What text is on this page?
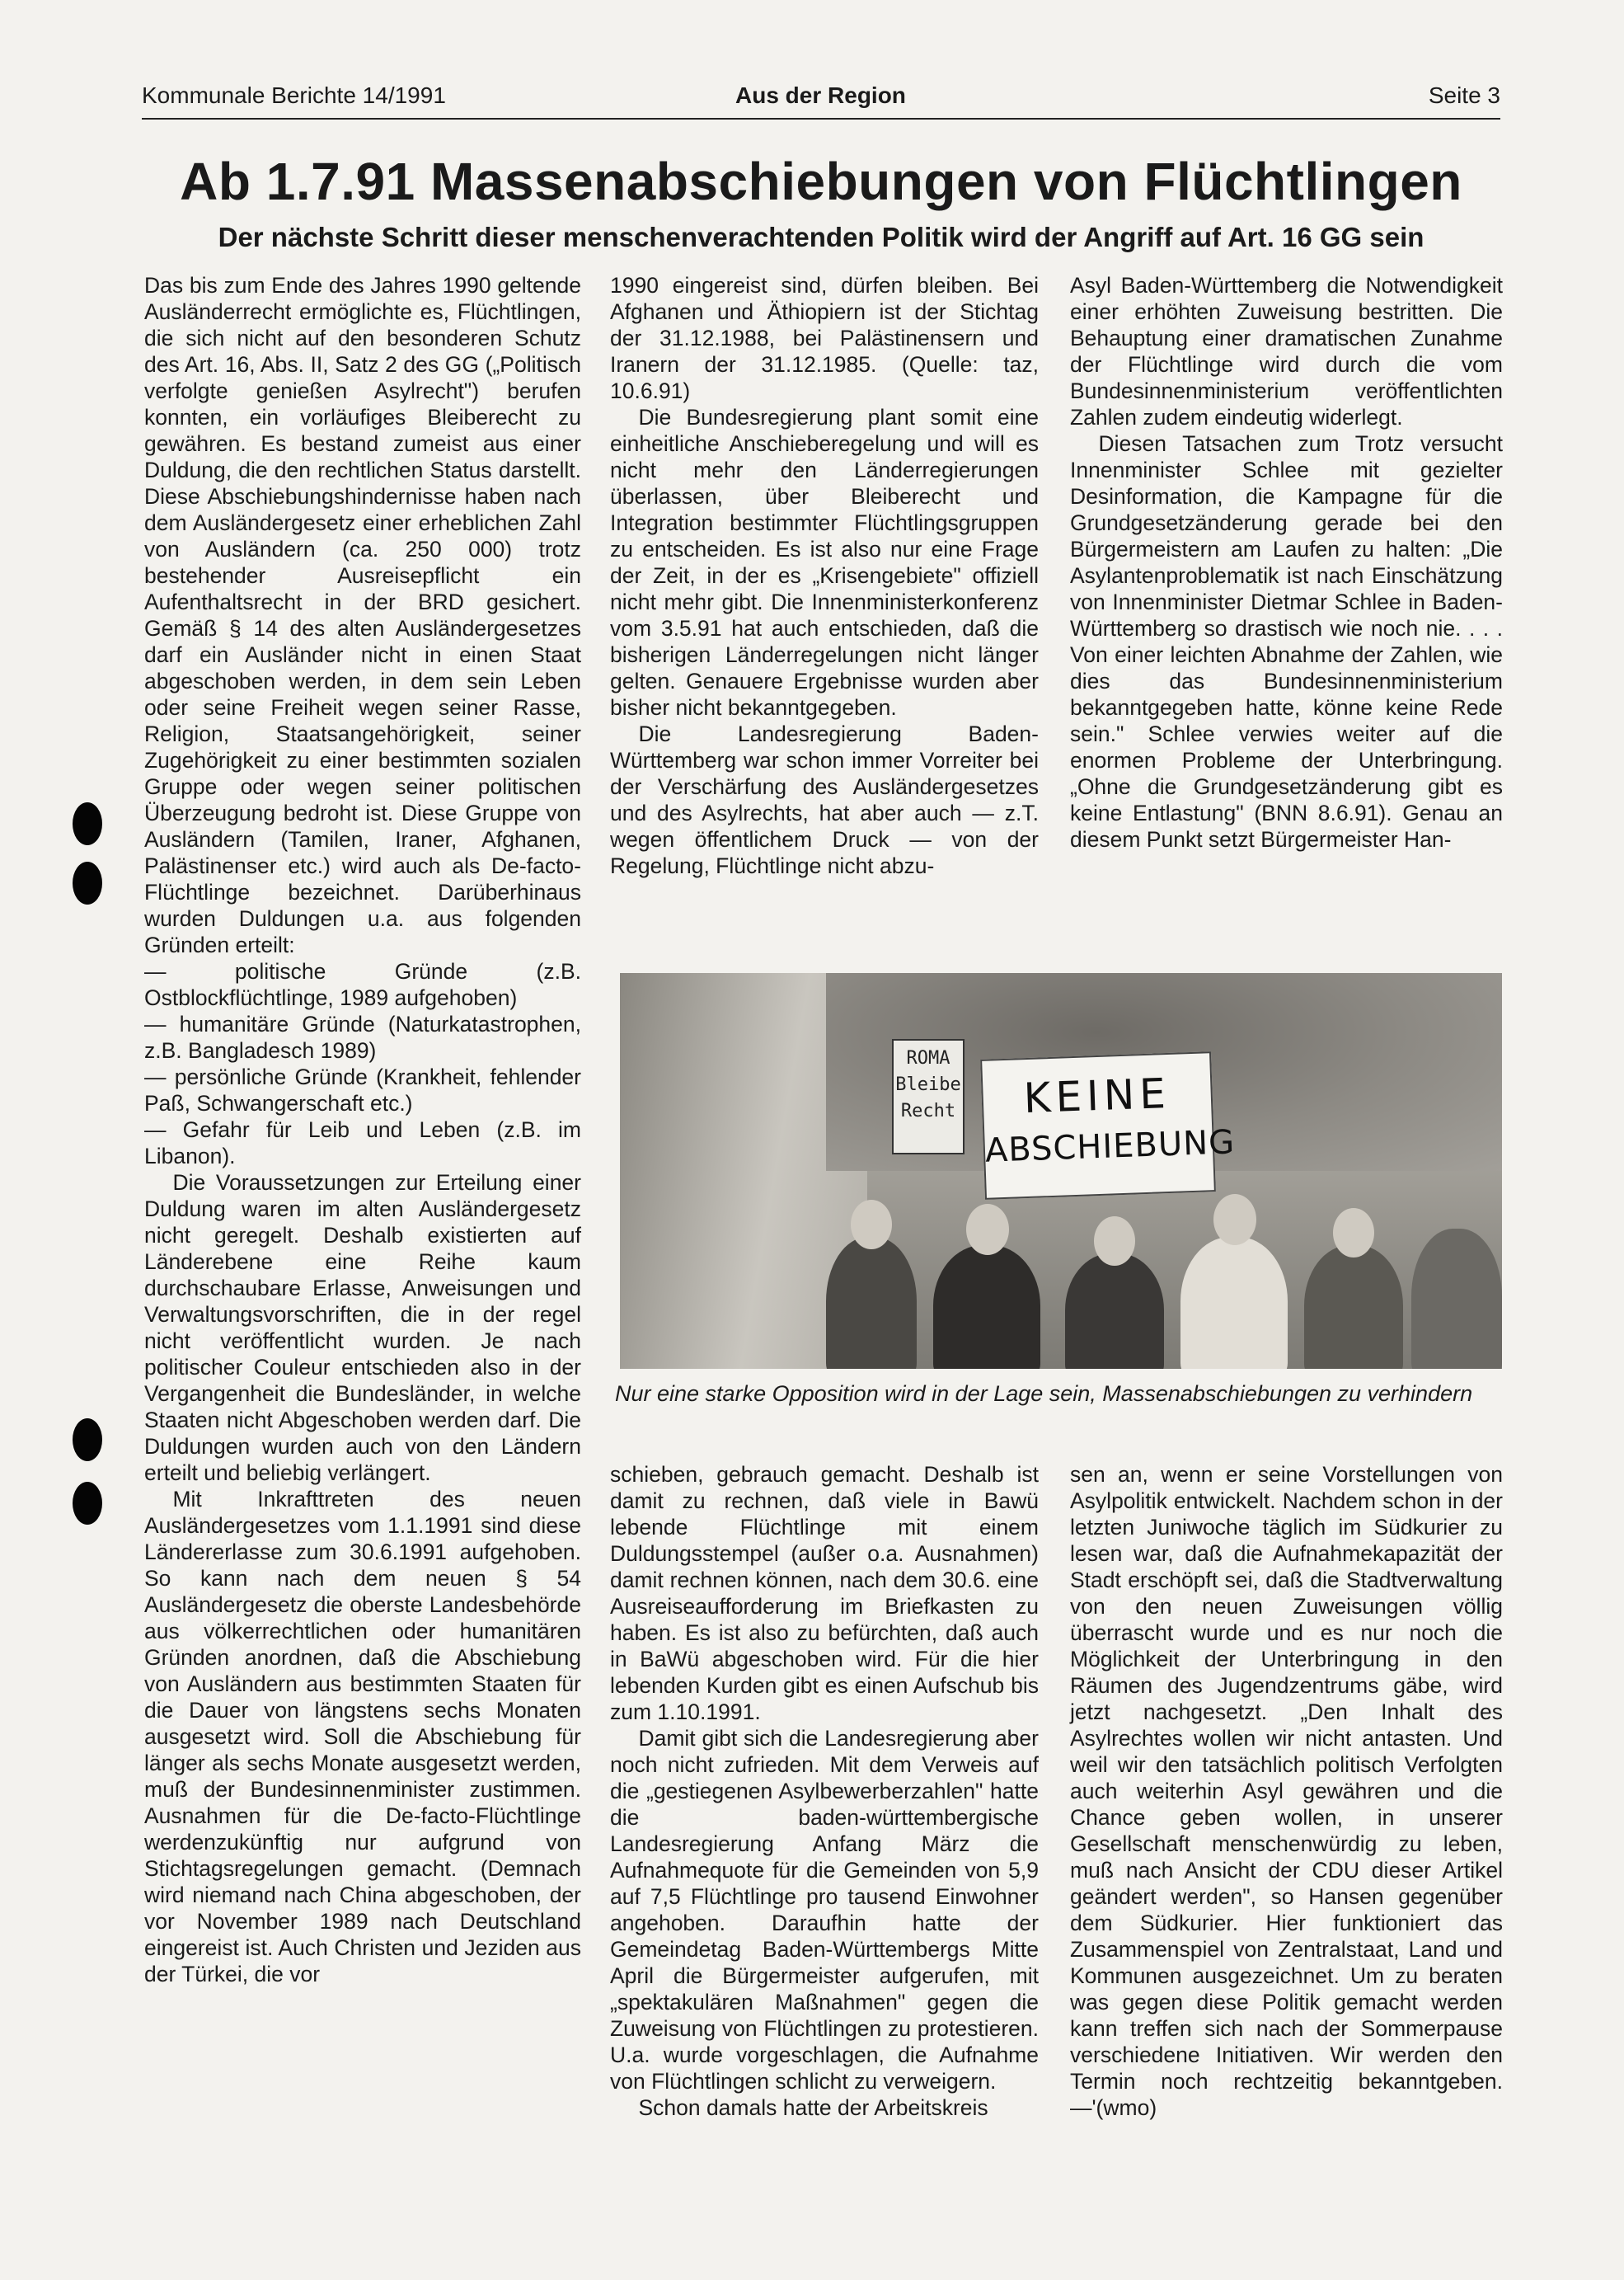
Kommunale Berichte 14/1991	Aus der Region	Seite 3
Ab 1.7.91 Massenabschiebungen von Flüchtlingen
Der nächste Schritt dieser menschenverachtenden Politik wird der Angriff auf Art. 16 GG sein

Das bis zum Ende des Jahres 1990 geltende Ausländerrecht ermöglichte es, Flüchtlingen, die sich nicht auf den besonderen Schutz des Art. 16, Abs. II, Satz 2 des GG („Politisch verfolgte genießen Asylrecht") berufen konnten, ein vorläufiges Bleiberecht zu gewähren. Es bestand zumeist aus einer Duldung, die den rechtlichen Status darstellt. Diese Abschiebungshindernisse haben nach dem Ausländergesetz einer erheblichen Zahl von Ausländern (ca. 250 000) trotz bestehender Ausreisepflicht ein Aufenthaltsrecht in der BRD gesichert. Gemäß § 14 des alten Ausländergesetzes darf ein Ausländer nicht in einen Staat abgeschoben werden, in dem sein Leben oder seine Freiheit wegen seiner Rasse, Religion, Staatsangehörigkeit, seiner Zugehörigkeit zu einer bestimmten sozialen Gruppe oder wegen seiner politischen Überzeugung bedroht ist. Diese Gruppe von Ausländern (Tamilen, Iraner, Afghanen, Palästinenser etc.) wird auch als De-facto-Flüchtlinge bezeichnet. Darüberhinaus wurden Duldungen u.a. aus folgenden Gründen erteilt:

— politische Gründe (z.B. Ostblockflüchtlinge, 1989 aufgehoben)

— humanitäre Gründe (Naturkatastrophen, z.B. Bangladesch 1989)

— persönliche Gründe (Krankheit, fehlender Paß, Schwangerschaft etc.)

— Gefahr für Leib und Leben (z.B. im Libanon).

Die Voraussetzungen zur Erteilung einer Duldung waren im alten Ausländergesetz nicht geregelt. Deshalb existierten auf Länderebene eine Reihe kaum durchschaubare Erlasse, Anweisungen und Verwaltungsvorschriften, die in der regel nicht veröffentlicht wurden. Je nach politischer Couleur entschieden also in der Vergangenheit die Bundesländer, in welche Staaten nicht Abgeschoben werden darf. Die Duldungen wurden auch von den Ländern erteilt und beliebig verlängert.

Mit Inkrafttreten des neuen Ausländergesetzes vom 1.1.1991 sind diese Ländererlasse zum 30.6.1991 aufgehoben. So kann nach dem neuen § 54 Ausländergesetz die oberste Landesbehörde aus völkerrechtlichen oder humanitären Gründen anordnen, daß die Abschiebung von Ausländern aus bestimmten Staaten für die Dauer von längstens sechs Monaten ausgesetzt wird. Soll die Abschiebung für länger als sechs Monate ausgesetzt werden, muß der Bundesinnenminister zustimmen. Ausnahmen für die De-facto-Flüchtlinge werdenzukünftig nur aufgrund von Stichtagsregelungen gemacht. (Demnach wird niemand nach China abgeschoben, der vor November 1989 nach Deutschland eingereist ist. Auch Christen und Jeziden aus der Türkei, die vor

1990 eingereist sind, dürfen bleiben. Bei Afghanen und Äthiopiern ist der Stichtag der 31.12.1988, bei Palästinensern und Iranern der 31.12.1985. (Quelle: taz, 10.6.91)

Die Bundesregierung plant somit eine einheitliche Anschieberegelung und will es nicht mehr den Länderregierungen überlassen, über Bleiberecht und Integration bestimmter Flüchtlingsgruppen zu entscheiden. Es ist also nur eine Frage der Zeit, in der es „Krisengebiete" offiziell nicht mehr gibt. Die Innenministerkonferenz vom 3.5.91 hat auch entschieden, daß die bisherigen Länderregelungen nicht länger gelten. Genauere Ergebnisse wurden aber bisher nicht bekanntgegeben.

Die Landesregierung Baden-Württemberg war schon immer Vorreiter bei der Verschärfung des Ausländergesetzes und des Asylrechts, hat aber auch — z.T. wegen öffentlichem Druck — von der Regelung, Flüchtlinge nicht abzu-

Asyl Baden-Württemberg die Notwendigkeit einer erhöhten Zuweisung bestritten. Die Behauptung einer dramatischen Zunahme der Flüchtlinge wird durch die vom Bundesinnenministerium veröffentlichten Zahlen zudem eindeutig widerlegt.

Diesen Tatsachen zum Trotz versucht Innenminister Schlee mit gezielter Desinformation, die Kampagne für die Grundgesetzänderung gerade bei den Bürgermeistern am Laufen zu halten: „Die Asylantenproblematik ist nach Einschätzung von Innenminister Dietmar Schlee in Baden-Württemberg so drastisch wie noch nie. . . . Von einer leichten Abnahme der Zahlen, wie dies das Bundesinnenministerium bekanntgegeben hatte, könne keine Rede sein." Schlee verwies weiter auf die enormen Probleme der Unterbringung. „Ohne die Grundgesetzänderung gibt es keine Entlastung" (BNN 8.6.91). Genau an diesem Punkt setzt Bürgermeister Han-

ROMA
Bleibe
Recht	KEINE
ABSCHIEBUNG

Nur eine starke Opposition wird in der Lage sein, Massenabschiebungen zu verhindern

schieben, gebrauch gemacht. Deshalb ist damit zu rechnen, daß viele in Bawü lebende Flüchtlinge mit einem Duldungsstempel (außer o.a. Ausnahmen) damit rechnen können, nach dem 30.6. eine Ausreiseaufforderung im Briefkasten zu haben. Es ist also zu befürchten, daß auch in BaWü abgeschoben wird. Für die hier lebenden Kurden gibt es einen Aufschub bis zum 1.10.1991.

Damit gibt sich die Landesregierung aber noch nicht zufrieden. Mit dem Verweis auf die „gestiegenen Asylbewerberzahlen" hatte die baden-württembergische Landesregierung Anfang März die Aufnahmequote für die Gemeinden von 5,9 auf 7,5 Flüchtlinge pro tausend Einwohner angehoben. Daraufhin hatte der Gemeindetag Baden-Württembergs Mitte April die Bürgermeister aufgerufen, mit „spektakulären Maßnahmen" gegen die Zuweisung von Flüchtlingen zu protestieren. U.a. wurde vorgeschlagen, die Aufnahme von Flüchtlingen schlicht zu verweigern.

Schon damals hatte der Arbeitskreis

sen an, wenn er seine Vorstellungen von Asylpolitik entwickelt. Nachdem schon in der letzten Juniwoche täglich im Südkurier zu lesen war, daß die Aufnahmekapazität der Stadt erschöpft sei, daß die Stadtverwaltung von den neuen Zuweisungen völlig überrascht wurde und es nur noch die Möglichkeit der Unterbringung in den Räumen des Jugendzentrums gäbe, wird jetzt nachgesetzt. „Den Inhalt des Asylrechtes wollen wir nicht antasten. Und weil wir den tatsächlich politisch Verfolgten auch weiterhin Asyl gewähren und die Chance geben wollen, in unserer Gesellschaft menschenwürdig zu leben, muß nach Ansicht der CDU dieser Artikel geändert werden", so Hansen gegenüber dem Südkurier. Hier funktioniert das Zusammenspiel von Zentralstaat, Land und Kommunen ausgezeichnet. Um zu beraten was gegen diese Politik gemacht werden kann treffen sich nach der Sommerpause verschiedene Initiativen. Wir werden den Termin noch rechtzeitig bekanntgeben. —'(wmo)
